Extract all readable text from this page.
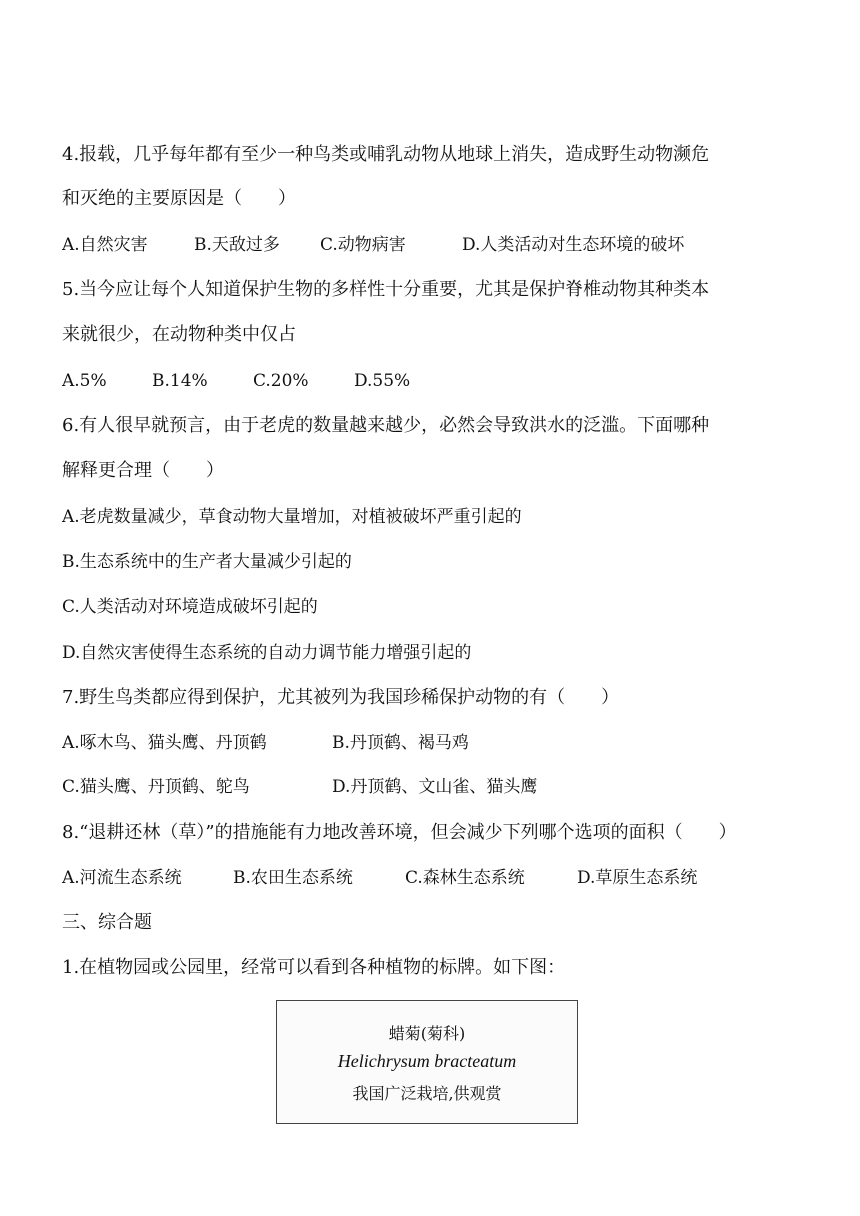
4.报载，几乎每年都有至少一种鸟类或哺乳动物从地球上消失，造成野生动物濒危
和灭绝的主要原因是（　　）
A.自然灾害	B.天敌过多 C.动物病害	D.人类活动对生态环境的破坏
5.当今应让每个人知道保护生物的多样性十分重要，尤其是保护脊椎动物其种类本
来就很少，在动物种类中仅占
A.5%	B.14%	C.20%	D.55%
6.有人很早就预言，由于老虎的数量越来越少，必然会导致洪水的泛滥。下面哪种
解释更合理（　　）
A.老虎数量减少，草食动物大量增加，对植被破坏严重引起的
B.生态系统中的生产者大量减少引起的
C.人类活动对环境造成破坏引起的
D.自然灾害使得生态系统的自动力调节能力增强引起的
7.野生鸟类都应得到保护，尤其被列为我国珍稀保护动物的有（　　）
A.啄木鸟、猫头鹰、丹顶鹤	B.丹顶鹤、褐马鸡
C.猫头鹰、丹顶鹤、鸵鸟	D.丹顶鹤、文山雀、猫头鹰
8.“退耕还林（草）”的措施能有力地改善环境，但会减少下列哪个选项的面积（　　）
A.河流生态系统	B.农田生态系统	C.森林生态系统	D.草原生态系统
三、综合题
1.在植物园或公园里，经常可以看到各种植物的标牌。如下图：
蜡菊(菊科)
Helichrysum bracteatum
我国广泛栽培,供观赏
